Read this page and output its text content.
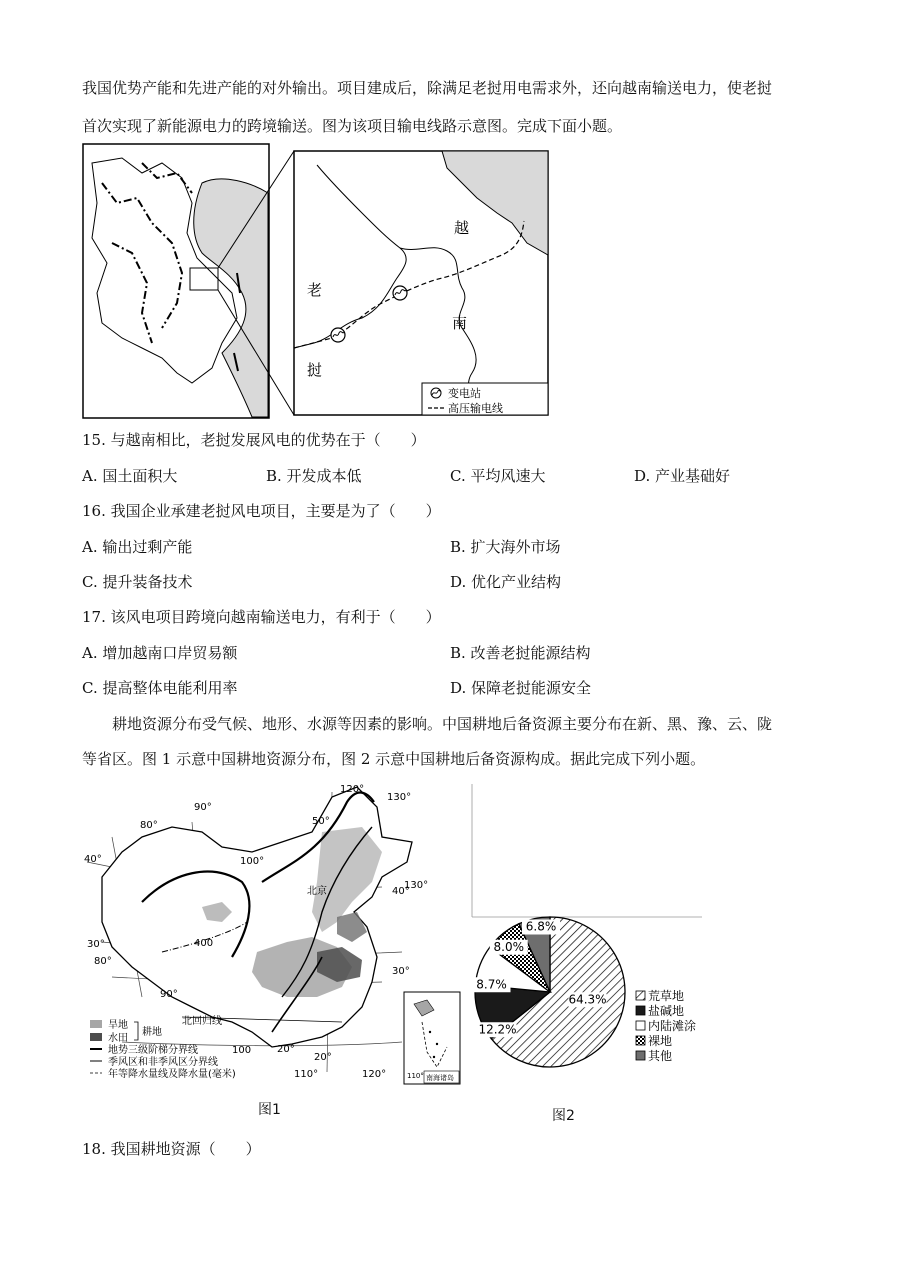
我国优势产能和先进产能的对外输出。项目建成后，除满足老挝用电需求外，还向越南输送电力，使老挝
首次实现了新能源电力的跨境输送。图为该项目输电线路示意图。完成下面小题。
越
南
老
挝
变电站
高压输电线
15. 与越南相比，老挝发展风电的优势在于（　　）
A. 国土面积大	B. 开发成本低	C. 平均风速大	D. 产业基础好
16. 我国企业承建老挝风电项目，主要是为了（　　）
A. 输出过剩产能	B. 扩大海外市场
C. 提升装备技术	D. 优化产业结构
17. 该风电项目跨境向越南输送电力，有利于（　　）
A. 增加越南口岸贸易额	B. 改善老挝能源结构
C. 提高整体电能利用率	D. 保障老挝能源安全
耕地资源分布受气候、地形、水源等因素的影响。中国耕地后备资源主要分布在新、黑、豫、云、陇
等省区。图 1 示意中国耕地资源分布，图 2 示意中国耕地后备资源构成。据此完成下列小题。
90°
80°
100°
120°
130°
40°
130°
30°
40°
80°
90°
110°	120°
20°
20°
50°
30°
北京
400
北回归线
旱地
水田
耕地
地势三级阶梯分界线	100
季风区和非季风区分界线
年等降水量线及降水量(毫米)	110° 南海诸岛
图1
64.3%
12.2%
8.7%
8.0%
6.8%
荒草地
盐碱地
内陆滩涂
裸地
其他
图2
18. 我国耕地资源（　　）
